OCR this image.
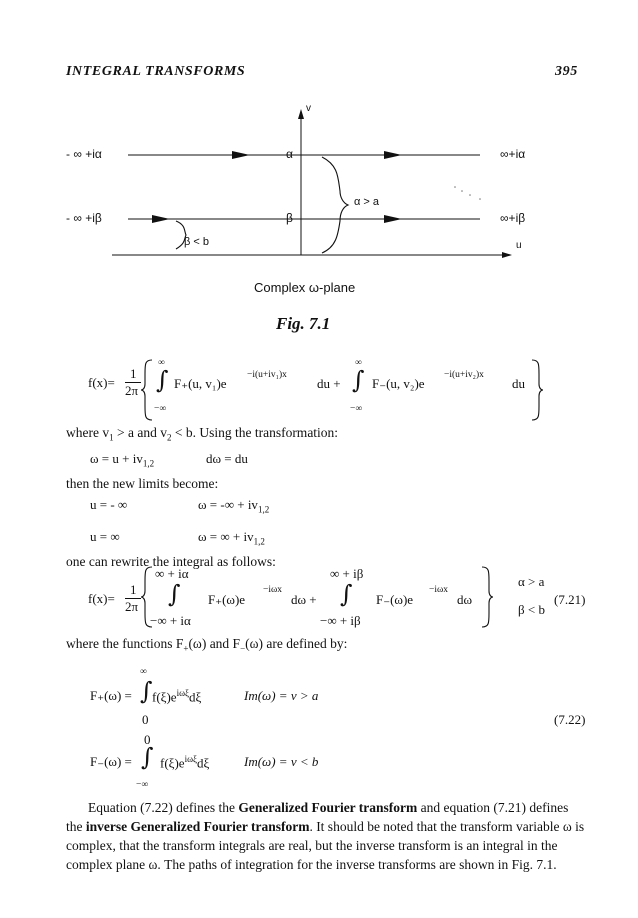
INTEGRAL TRANSFORMS	395
v
u
- ∞ +iα	∞+iα
α
- ∞ +iβ	∞+iβ
β
α > a
β < b
Complex ω-plane
Fig. 7.1
f(x)=
1
2π
∞
∫
−∞
F₊(u, v₁)e
−i(u+iv₁)x
du +
∞
∫
−∞
F₋(u, v₂)e
−i(u+iv₂)x
du
where $v_1 > a$ and $v_2 < b$. Using the transformation:
$\omega = u + iv_{1,2}$	dω = du
then the new limits become:
u = - ∞	ω = -∞ + $iv_{1,2}$
u = ∞	ω = ∞ + $iv_{1,2}$
one can rewrite the integral as follows:
f(x)=
1
2π
∞ + iα
∫
−∞ + iα
F₊(ω)e
−iωx
dω +
∞ + iβ
∫
−∞ + iβ
F₋(ω)e
−iωx
dω
α > a
β < b
(7.21)
where the functions $F_+(\omega)$ and $F_-(\omega)$ are defined by:
∞
F₊(ω) = ∫ $f(\xi)e^{i\omega\xi}d\xi$
0
Im(ω) = v > a
(7.22)
0
F₋(ω) = ∫ $f(\xi)e^{i\omega\xi}d\xi$
−∞
Im(ω) = v < b
Equation (7.22) defines the Generalized Fourier transform and equation (7.21) defines the inverse Generalized Fourier transform. It should be noted that the transform variable ω is complex, that the transform integrals are real, but the inverse transform is an integral in the complex plane ω. The paths of integration for the inverse transforms are shown in Fig. 7.1.
